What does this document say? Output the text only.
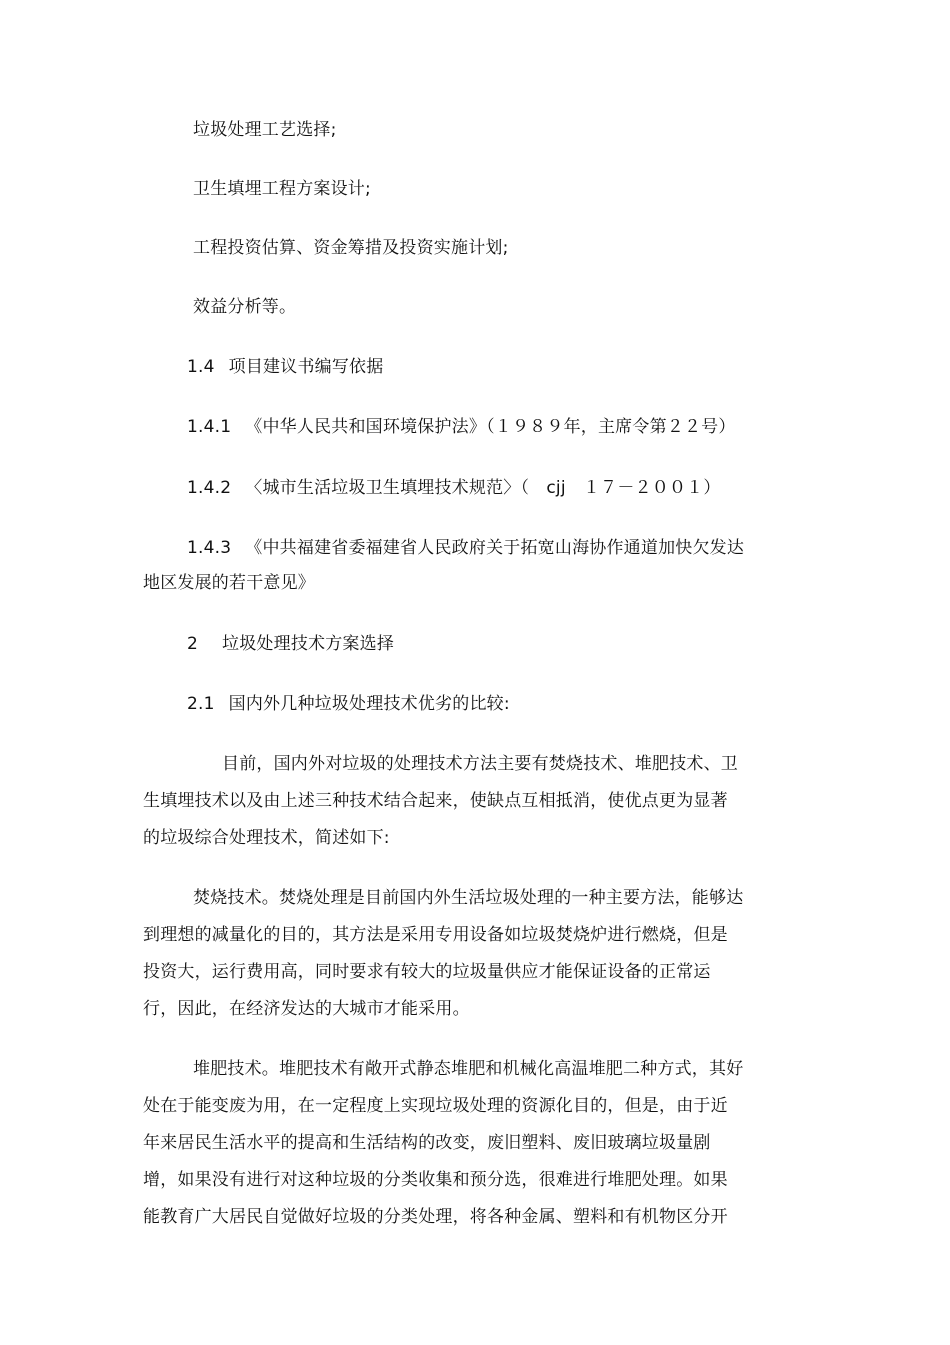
垃圾处理工艺选择;
卫生填埋工程方案设计;
工程投资估算、资金筹措及投资实施计划;
效益分析等。
1.4 项目建议书编写依据
1.4.1 《中华人民共和国环境保护法》（１９８９年，主席令第２２号）
1.4.2 〈城市生活垃圾卫生填埋技术规范〉（　cjj　１７－２００１）
1.4.3 《中共福建省委福建省人民政府关于拓宽山海协作通道加快欠发达
地区发展的若干意见》
2 垃圾处理技术方案选择
2.1 国内外几种垃圾处理技术优劣的比较:
目前，国内外对垃圾的处理技术方法主要有焚烧技术、堆肥技术、卫
生填埋技术以及由上述三种技术结合起来，使缺点互相抵消，使优点更为显著
的垃圾综合处理技术，简述如下:
焚烧技术。焚烧处理是目前国内外生活垃圾处理的一种主要方法，能够达
到理想的减量化的目的，其方法是采用专用设备如垃圾焚烧炉进行燃烧，但是
投资大，运行费用高，同时要求有较大的垃圾量供应才能保证设备的正常运
行，因此，在经济发达的大城市才能采用。
堆肥技术。堆肥技术有敞开式静态堆肥和机械化高温堆肥二种方式，其好
处在于能变废为用，在一定程度上实现垃圾处理的资源化目的，但是，由于近
年来居民生活水平的提高和生活结构的改变，废旧塑料、废旧玻璃垃圾量剧
增，如果没有进行对这种垃圾的分类收集和预分选，很难进行堆肥处理。如果
能教育广大居民自觉做好垃圾的分类处理，将各种金属、塑料和有机物区分开
